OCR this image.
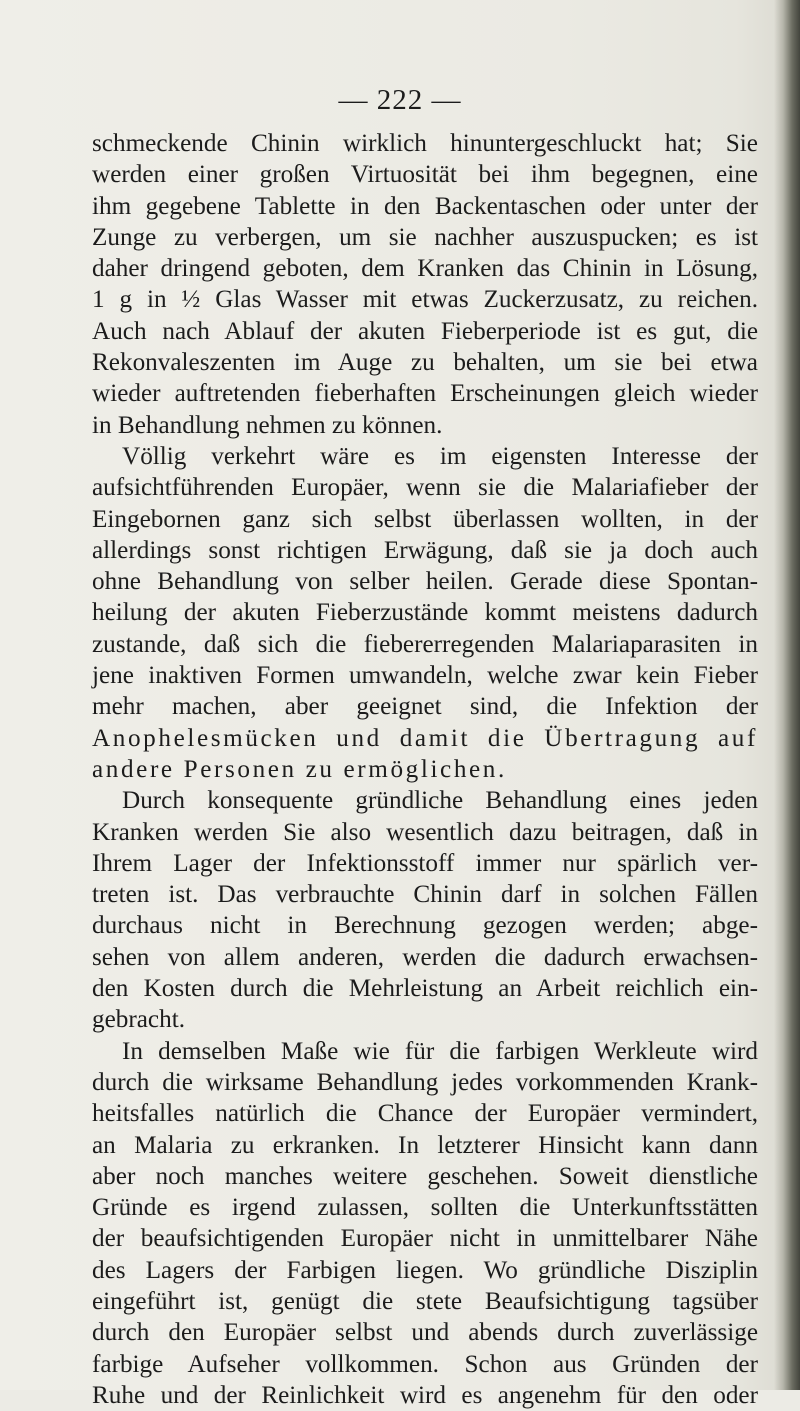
— 222 —
schmeckende Chinin wirklich hinuntergeschluckt hat; Sie
werden einer großen Virtuosität bei ihm begegnen, eine
ihm gegebene Tablette in den Backentaschen oder unter der
Zunge zu verbergen, um sie nachher auszuspucken; es ist
daher dringend geboten, dem Kranken das Chinin in Lösung,
1 g in ½ Glas Wasser mit etwas Zuckerzusatz, zu reichen.
Auch nach Ablauf der akuten Fieberperiode ist es gut, die
Rekonvaleszenten im Auge zu behalten, um sie bei etwa
wieder auftretenden fieberhaften Erscheinungen gleich wieder
in Behandlung nehmen zu können.
Völlig verkehrt wäre es im eigensten Interesse der
aufsichtführenden Europäer, wenn sie die Malariafieber der
Eingebornen ganz sich selbst überlassen wollten, in der
allerdings sonst richtigen Erwägung, daß sie ja doch auch
ohne Behandlung von selber heilen. Gerade diese Spontan-
heilung der akuten Fieberzustände kommt meistens dadurch
zustande, daß sich die fiebererregenden Malariaparasiten in
jene inaktiven Formen umwandeln, welche zwar kein Fieber
mehr machen, aber geeignet sind, die Infektion der
Anophelesmücken und damit die Übertragung auf
andere Personen zu ermöglichen.
Durch konsequente gründliche Behandlung eines jeden
Kranken werden Sie also wesentlich dazu beitragen, daß in
Ihrem Lager der Infektionsstoff immer nur spärlich ver-
treten ist. Das verbrauchte Chinin darf in solchen Fällen
durchaus nicht in Berechnung gezogen werden; abge-
sehen von allem anderen, werden die dadurch erwachsen-
den Kosten durch die Mehrleistung an Arbeit reichlich ein-
gebracht.
In demselben Maße wie für die farbigen Werkleute wird
durch die wirksame Behandlung jedes vorkommenden Krank-
heitsfalles natürlich die Chance der Europäer vermindert,
an Malaria zu erkranken. In letzterer Hinsicht kann dann
aber noch manches weitere geschehen. Soweit dienstliche
Gründe es irgend zulassen, sollten die Unterkunftsstätten
der beaufsichtigenden Europäer nicht in unmittelbarer Nähe
des Lagers der Farbigen liegen. Wo gründliche Disziplin
eingeführt ist, genügt die stete Beaufsichtigung tagsüber
durch den Europäer selbst und abends durch zuverlässige
farbige Aufseher vollkommen. Schon aus Gründen der
Ruhe und der Reinlichkeit wird es angenehm für den oder
